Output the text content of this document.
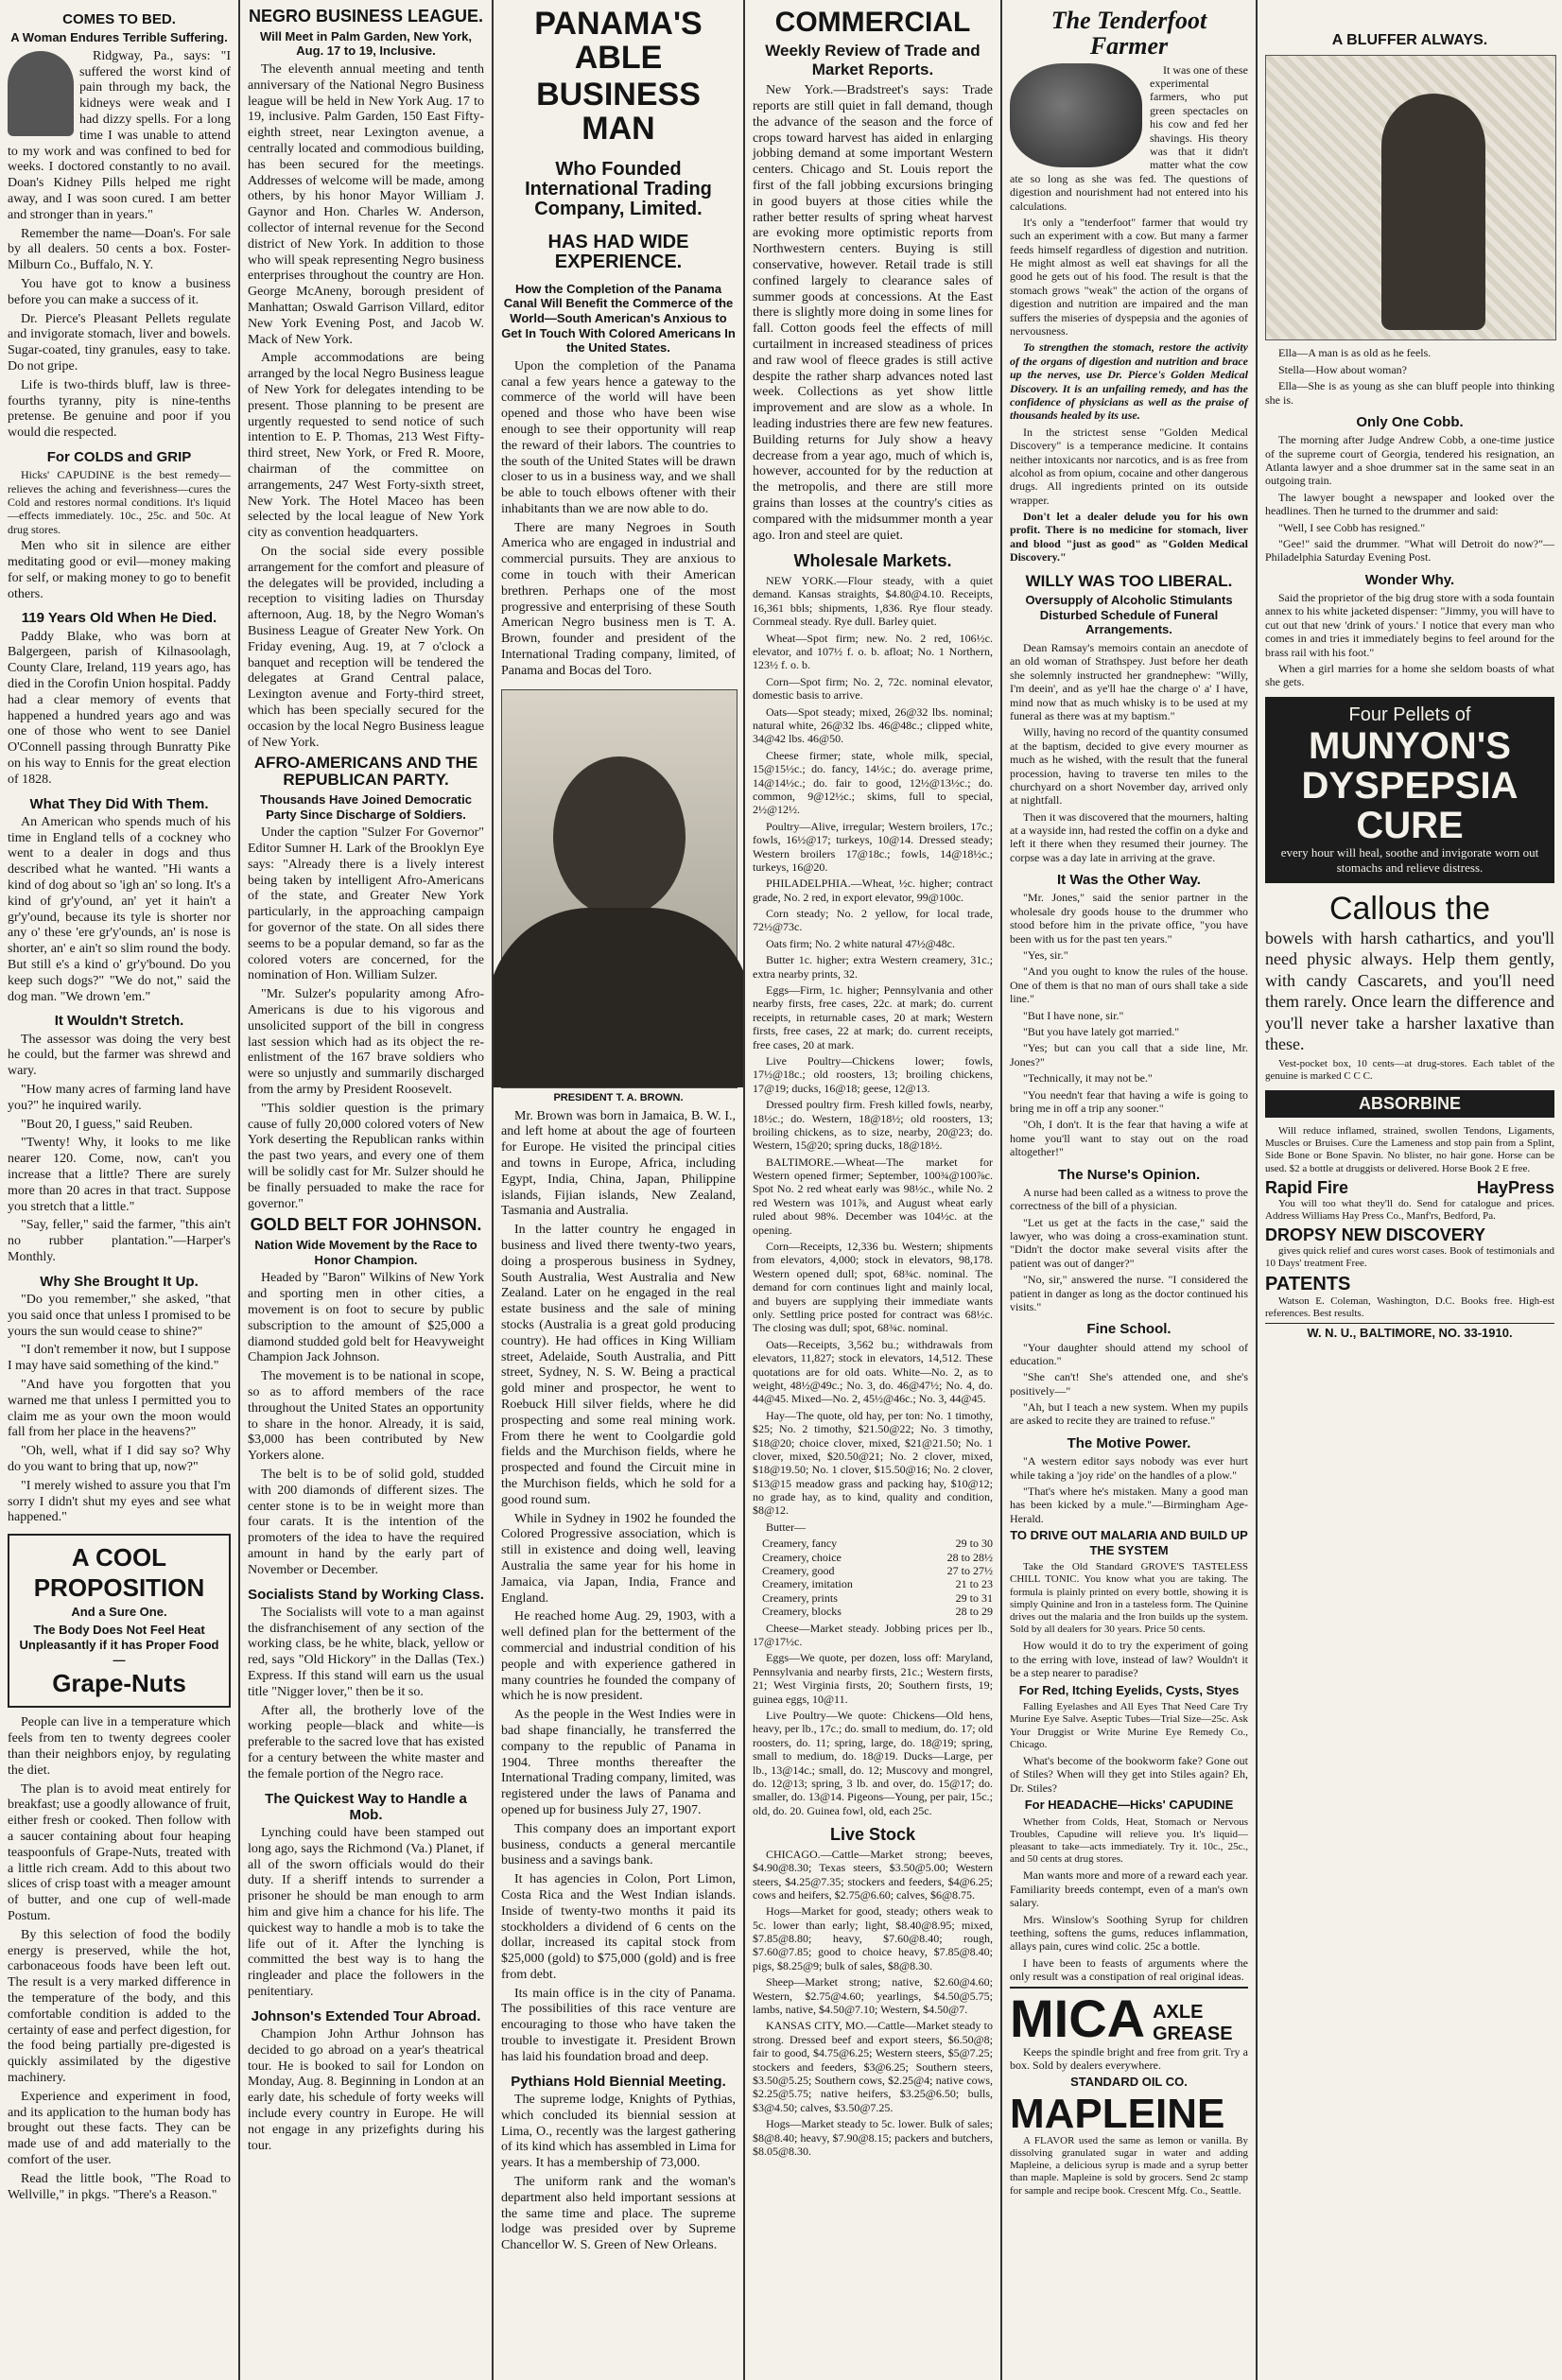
COMES TO BED.
A Woman Endures Terrible Suffering.

Ridgway, Pa., says: "I suffered the worst kind of pain through my back, the kidneys were weak and I had dizzy spells. For a long time I was unable to attend to my work and was confined to bed for weeks. I doctored constantly to no avail. Doan's Kidney Pills helped me right away, and I was soon cured. I am better and stronger than in years."

Remember the name—Doan's. For sale by all dealers. 50 cents a box. Foster-Milburn Co., Buffalo, N. Y.

You have got to know a business before you can make a success of it.

Dr. Pierce's Pleasant Pellets regulate and invigorate stomach, liver and bowels. Sugar-coated, tiny granules, easy to take. Do not gripe.

Life is two-thirds bluff, law is three-fourths tyranny, pity is nine-tenths pretense. Be genuine and poor if you would die respected.

For COLDS and GRIP

Hicks' CAPUDINE is the best remedy—relieves the aching and feverishness—cures the Cold and restores normal conditions. It's liquid—effects immediately. 10c., 25c. and 50c. At drug stores.

Men who sit in silence are either meditating good or evil—money making for self, or making money to go to benefit others.

119 Years Old When He Died.

Paddy Blake, who was born at Balgergeen, parish of Kilnasoolagh, County Clare, Ireland, 119 years ago, has died in the Corofin Union hospital. Paddy had a clear memory of events that happened a hundred years ago and was one of those who went to see Daniel O'Connell passing through Bunratty Pike on his way to Ennis for the great election of 1828.

What They Did With Them.

An American who spends much of his time in England tells of a cockney who went to a dealer in dogs and thus described what he wanted. "Hi wants a kind of dog about so 'igh an' so long. It's a kind of gr'y'ound, an' yet it hain't a gr'y'ound, because its tyle is shorter nor any o' these 'ere gr'y'ounds, an' is nose is shorter, an' e ain't so slim round the body. But still e's a kind o' gr'y'bound. Do you keep such dogs?" "We do not," said the dog man. "We drown 'em."

It Wouldn't Stretch.

The assessor was doing the very best he could, but the farmer was shrewd and wary.

"How many acres of farming land have you?" he inquired warily.

"Bout 20, I guess," said Reuben.

"Twenty! Why, it looks to me like nearer 120. Come, now, can't you increase that a little? There are surely more than 20 acres in that tract. Suppose you stretch that a little."

"Say, feller," said the farmer, "this ain't no rubber plantation."—Harper's Monthly.

Why She Brought It Up.

"Do you remember," she asked, "that you said once that unless I promised to be yours the sun would cease to shine?"

"I don't remember it now, but I suppose I may have said something of the kind."

"And have you forgotten that you warned me that unless I permitted you to claim me as your own the moon would fall from her place in the heavens?"

"Oh, well, what if I did say so? Why do you want to bring that up, now?"

"I merely wished to assure you that I'm sorry I didn't shut my eyes and see what happened."

A COOL
PROPOSITION
And a Sure One.
The Body Does Not Feel Heat Unpleasantly if it has Proper Food—
Grape-Nuts

People can live in a temperature which feels from ten to twenty degrees cooler than their neighbors enjoy, by regulating the diet.

The plan is to avoid meat entirely for breakfast; use a goodly allowance of fruit, either fresh or cooked. Then follow with a saucer containing about four heaping teaspoonfuls of Grape-Nuts, treated with a little rich cream. Add to this about two slices of crisp toast with a meager amount of butter, and one cup of well-made Postum.

By this selection of food the bodily energy is preserved, while the hot, carbonaceous foods have been left out. The result is a very marked difference in the temperature of the body, and this comfortable condition is added to the certainty of ease and perfect digestion, for the food being partially pre-digested is quickly assimilated by the digestive machinery.

Experience and experiment in food, and its application to the human body has brought out these facts. They can be made use of and add materially to the comfort of the user.

Read the little book, "The Road to Wellville," in pkgs. "There's a Reason."

NEGRO BUSINESS LEAGUE.
Will Meet in Palm Garden, New York, Aug. 17 to 19, Inclusive.

The eleventh annual meeting and tenth anniversary of the National Negro Business league will be held in New York Aug. 17 to 19, inclusive. Palm Garden, 150 East Fifty-eighth street, near Lexington avenue, a centrally located and commodious building, has been secured for the meetings. Addresses of welcome will be made, among others, by his honor Mayor William J. Gaynor and Hon. Charles W. Anderson, collector of internal revenue for the Second district of New York. In addition to those who will speak representing Negro business enterprises throughout the country are Hon. George McAneny, borough president of Manhattan; Oswald Garrison Villard, editor New York Evening Post, and Jacob W. Mack of New York.

Ample accommodations are being arranged by the local Negro Business league of New York for delegates intending to be present. Those planning to be present are urgently requested to send notice of such intention to E. P. Thomas, 213 West Fifty-third street, New York, or Fred R. Moore, chairman of the committee on arrangements, 247 West Forty-sixth street, New York. The Hotel Maceo has been selected by the local league of New York city as convention headquarters.

On the social side every possible arrangement for the comfort and pleasure of the delegates will be provided, including a reception to visiting ladies on Thursday afternoon, Aug. 18, by the Negro Woman's Business League of Greater New York. On Friday evening, Aug. 19, at 7 o'clock a banquet and reception will be tendered the delegates at Grand Central palace, Lexington avenue and Forty-third street, which has been specially secured for the occasion by the local Negro Business league of New York.

AFRO-AMERICANS AND THE REPUBLICAN PARTY.
Thousands Have Joined Democratic Party Since Discharge of Soldiers.

Under the caption "Sulzer For Governor" Editor Sumner H. Lark of the Brooklyn Eye says: "Already there is a lively interest being taken by intelligent Afro-Americans of the state, and Greater New York particularly, in the approaching campaign for governor of the state. On all sides there seems to be a popular demand, so far as the colored voters are concerned, for the nomination of Hon. William Sulzer.

"Mr. Sulzer's popularity among Afro-Americans is due to his vigorous and unsolicited support of the bill in congress last session which had as its object the re-enlistment of the 167 brave soldiers who were so unjustly and summarily discharged from the army by President Roosevelt.

"This soldier question is the primary cause of fully 20,000 colored voters of New York deserting the Republican ranks within the past two years, and every one of them will be solidly cast for Mr. Sulzer should he be finally persuaded to make the race for governor."

GOLD BELT FOR JOHNSON.
Nation Wide Movement by the Race to Honor Champion.

Headed by "Baron" Wilkins of New York and sporting men in other cities, a movement is on foot to secure by public subscription to the amount of $25,000 a diamond studded gold belt for Heavyweight Champion Jack Johnson.

The movement is to be national in scope, so as to afford members of the race throughout the United States an opportunity to share in the honor. Already, it is said, $3,000 has been contributed by New Yorkers alone.

The belt is to be of solid gold, studded with 200 diamonds of different sizes. The center stone is to be in weight more than four carats. It is the intention of the promoters of the idea to have the required amount in hand by the early part of November or December.

Socialists Stand by Working Class.

The Socialists will vote to a man against the disfranchisement of any section of the working class, be he white, black, yellow or red, says "Old Hickory" in the Dallas (Tex.) Express. If this stand will earn us the usual title "Nigger lover," then be it so.

After all, the brotherly love of the working people—black and white—is preferable to the sacred love that has existed for a century between the white master and the female portion of the Negro race.

The Quickest Way to Handle a Mob.

Lynching could have been stamped out long ago, says the Richmond (Va.) Planet, if all of the sworn officials would do their duty. If a sheriff intends to surrender a prisoner he should be man enough to arm him and give him a chance for his life. The quickest way to handle a mob is to take the life out of it. After the lynching is committed the best way is to hang the ringleader and place the followers in the penitentiary.

Johnson's Extended Tour Abroad.

Champion John Arthur Johnson has decided to go abroad on a year's theatrical tour. He is booked to sail for London on Monday, Aug. 8. Beginning in London at an early date, his schedule of forty weeks will include every country in Europe. He will not engage in any prizefights during his tour.

PANAMA'S ABLE
BUSINESS MAN
Who Founded International Trading Company, Limited.
HAS HAD WIDE EXPERIENCE.
How the Completion of the Panama Canal Will Benefit the Commerce of the World—South American's Anxious to Get In Touch With Colored Americans In the United States.

Upon the completion of the Panama canal a few years hence a gateway to the commerce of the world will have been opened and those who have been wise enough to see their opportunity will reap the reward of their labors. The countries to the south of the United States will be drawn closer to us in a business way, and we shall be able to touch elbows oftener with their inhabitants than we are now able to do.

There are many Negroes in South America who are engaged in industrial and commercial pursuits. They are anxious to come in touch with their American brethren. Perhaps one of the most progressive and enterprising of these South American Negro business men is T. A. Brown, founder and president of the International Trading company, limited, of Panama and Bocas del Toro.

PRESIDENT T. A. BROWN.

Mr. Brown was born in Jamaica, B. W. I., and left home at about the age of fourteen for Europe. He visited the principal cities and towns in Europe, Africa, including Egypt, India, China, Japan, Philippine islands, Fijian islands, New Zealand, Tasmania and Australia.

In the latter country he engaged in business and lived there twenty-two years, doing a prosperous business in Sydney, South Australia, West Australia and New Zealand. Later on he engaged in the real estate business and the sale of mining stocks (Australia is a great gold producing country). He had offices in King William street, Adelaide, South Australia, and Pitt street, Sydney, N. S. W. Being a practical gold miner and prospector, he went to Roebuck Hill silver fields, where he did prospecting and some real mining work. From there he went to Coolgardie gold fields and the Murchison fields, where he prospected and found the Circuit mine in the Murchison fields, which he sold for a good round sum.

While in Sydney in 1902 he founded the Colored Progressive association, which is still in existence and doing well, leaving Australia the same year for his home in Jamaica, via Japan, India, France and England.

He reached home Aug. 29, 1903, with a well defined plan for the betterment of the commercial and industrial condition of his people and with experience gathered in many countries he founded the company of which he is now president.

As the people in the West Indies were in bad shape financially, he transferred the company to the republic of Panama in 1904. Three months thereafter the International Trading company, limited, was registered under the laws of Panama and opened up for business July 27, 1907.

This company does an important export business, conducts a general mercantile business and a savings bank.

It has agencies in Colon, Port Limon, Costa Rica and the West Indian islands. Inside of twenty-two months it paid its stockholders a dividend of 6 cents on the dollar, increased its capital stock from $25,000 (gold) to $75,000 (gold) and is free from debt.

Its main office is in the city of Panama. The possibilities of this race venture are encouraging to those who have taken the trouble to investigate it. President Brown has laid his foundation broad and deep.

Pythians Hold Biennial Meeting.

The supreme lodge, Knights of Pythias, which concluded its biennial session at Lima, O., recently was the largest gathering of its kind which has assembled in Lima for years. It has a membership of 73,000.

The uniform rank and the woman's department also held important sessions at the same time and place. The supreme lodge was presided over by Supreme Chancellor W. S. Green of New Orleans.

COMMERCIAL
Weekly Review of Trade and Market Reports.

New York.—Bradstreet's says: Trade reports are still quiet in fall demand, though the advance of the season and the force of crops toward harvest has aided in enlarging jobbing demand at some important Western centers. Chicago and St. Louis report the first of the fall jobbing excursions bringing in good buyers at those cities while the rather better results of spring wheat harvest are evoking more optimistic reports from Northwestern centers. Buying is still conservative, however. Retail trade is still confined largely to clearance sales of summer goods at concessions. At the East there is slightly more doing in some lines for fall. Cotton goods feel the effects of mill curtailment in increased steadiness of prices and raw wool of fleece grades is still active despite the rather sharp advances noted last week. Collections as yet show little improvement and are slow as a whole. In leading industries there are few new features. Building returns for July show a heavy decrease from a year ago, much of which is, however, accounted for by the reduction at the metropolis, and there are still more grains than losses at the country's cities as compared with the midsummer month a year ago. Iron and steel are quiet.

Wholesale Markets.

NEW YORK.—Flour steady, with a quiet demand. Kansas straights, $4.80@4.10. Receipts, 16,361 bbls; shipments, 1,836. Rye flour steady. Cornmeal steady. Rye dull. Barley quiet.

Wheat—Spot firm; new. No. 2 red, 106½c. elevator, and 107½ f. o. b. afloat; No. 1 Northern, 123½ f. o. b.

Corn—Spot firm; No. 2, 72c. nominal elevator, domestic basis to arrive.

Oats—Spot steady; mixed, 26@32 lbs. nominal; natural white, 26@32 lbs. 46@48c.; clipped white, 34@42 lbs. 46@50.

Cheese firmer; state, whole milk, special, 15@15½c.; do. fancy, 14½c.; do. average prime, 14@14½c.; do. fair to good, 12½@13½c.; do. common, 9@12½c.; skims, full to special, 2½@12½.

Poultry—Alive, irregular; Western broilers, 17c.; fowls, 16½@17; turkeys, 10@14. Dressed steady; Western broilers 17@18c.; fowls, 14@18½c.; turkeys, 16@20.

PHILADELPHIA.—Wheat, ½c. higher; contract grade, No. 2 red, in export elevator, 99@100c.

Corn steady; No. 2 yellow, for local trade, 72½@73c.

Oats firm; No. 2 white natural 47½@48c.

Butter 1c. higher; extra Western creamery, 31c.; extra nearby prints, 32.

Eggs—Firm, 1c. higher; Pennsylvania and other nearby firsts, free cases, 22c. at mark; do. current receipts, in returnable cases, 20 at mark; Western firsts, free cases, 22 at mark; do. current receipts, free cases, 20 at mark.

Live Poultry—Chickens lower; fowls, 17½@18c.; old roosters, 13; broiling chickens, 17@19; ducks, 16@18; geese, 12@13.

Dressed poultry firm. Fresh killed fowls, nearby, 18½c.; do. Western, 18@18½; old roosters, 13; broiling chickens, as to size, nearby, 20@23; do. Western, 15@20; spring ducks, 18@18½.

BALTIMORE.—Wheat—The market for Western opened firmer; September, 100¾@100⅞c. Spot No. 2 red wheat early was 98½c., while No. 2 red Western was 101⅞, and August wheat early ruled about 98%. December was 104½c. at the opening.

Corn—Receipts, 12,336 bu. Western; shipments from elevators, 4,000; stock in elevators, 98,178. Western opened dull; spot, 68¾c. nominal. The demand for corn continues light and mainly local, and buyers are supplying their immediate wants only. Settling price posted for contract was 68½c. The closing was dull; spot, 68¾c. nominal.

Oats—Receipts, 3,562 bu.; withdrawals from elevators, 11,827; stock in elevators, 14,512. These quotations are for old oats. White—No. 2, as to weight, 48½@49c.; No. 3, do. 46@47½; No. 4, do. 44@45. Mixed—No. 2, 45½@46c.; No. 3, 44@45.

Hay—The quote, old hay, per ton: No. 1 timothy, $25; No. 2 timothy, $21.50@22; No. 3 timothy, $18@20; choice clover, mixed, $21@21.50; No. 1 clover, mixed, $20.50@21; No. 2 clover, mixed, $18@19.50; No. 1 clover, $15.50@16; No. 2 clover, $13@15 meadow grass and packing hay, $10@12; no grade hay, as to kind, quality and condition, $8@12.

Butter—

Creamery, fancy	29 to 30
Creamery, choice	28 to 28½
Creamery, good	27 to 27½
Creamery, imitation	21 to 23
Creamery, prints	29 to 31
Creamery, blocks	28 to 29

Cheese—Market steady. Jobbing prices per lb., 17@17½c.

Eggs—We quote, per dozen, loss off: Maryland, Pennsylvania and nearby firsts, 21c.; Western firsts, 21; West Virginia firsts, 20; Southern firsts, 19; guinea eggs, 10@11.

Live Poultry—We quote: Chickens—Old hens, heavy, per lb., 17c.; do. small to medium, do. 17; old roosters, do. 11; spring, large, do. 18@19; spring, small to medium, do. 18@19. Ducks—Large, per lb., 13@14c.; small, do. 12; Muscovy and mongrel, do. 12@13; spring, 3 lb. and over, do. 15@17; do. smaller, do. 13@14. Pigeons—Young, per pair, 15c.; old, do. 20. Guinea fowl, old, each 25c.

Live Stock

CHICAGO.—Cattle—Market strong; beeves, $4.90@8.30; Texas steers, $3.50@5.00; Western steers, $4.25@7.35; stockers and feeders, $4@6.25; cows and heifers, $2.75@6.60; calves, $6@8.75.

Hogs—Market for good, steady; others weak to 5c. lower than early; light, $8.40@8.95; mixed, $7.85@8.80; heavy, $7.60@8.40; rough, $7.60@7.85; good to choice heavy, $7.85@8.40; pigs, $8.25@9; bulk of sales, $8@8.30.

Sheep—Market strong; native, $2.60@4.60; Western, $2.75@4.60; yearlings, $4.50@5.75; lambs, native, $4.50@7.10; Western, $4.50@7.

KANSAS CITY, MO.—Cattle—Market steady to strong. Dressed beef and export steers, $6.50@8; fair to good, $4.75@6.25; Western steers, $5@7.25; stockers and feeders, $3@6.25; Southern steers, $3.50@5.25; Southern cows, $2.25@4; native cows, $2.25@5.75; native heifers, $3.25@6.50; bulls, $3@4.50; calves, $3.50@7.25.

Hogs—Market steady to 5c. lower. Bulk of sales; $8@8.40; heavy, $7.90@8.15; packers and butchers, $8.05@8.30.

The Tenderfoot Farmer

It was one of these experimental farmers, who put green spectacles on his cow and fed her shavings. His theory was that it didn't matter what the cow ate so long as she was fed. The questions of digestion and nourishment had not entered into his calculations.

It's only a "tenderfoot" farmer that would try such an experiment with a cow. But many a farmer feeds himself regardless of digestion and nutrition. He might almost as well eat shavings for all the good he gets out of his food. The result is that the stomach grows "weak" the action of the organs of digestion and nutrition are impaired and the man suffers the miseries of dyspepsia and the agonies of nervousness.

To strengthen the stomach, restore the activity of the organs of digestion and nutrition and brace up the nerves, use Dr. Pierce's Golden Medical Discovery. It is an unfailing remedy, and has the confidence of physicians as well as the praise of thousands healed by its use.

In the strictest sense "Golden Medical Discovery" is a temperance medicine. It contains neither intoxicants nor narcotics, and is as free from alcohol as from opium, cocaine and other dangerous drugs. All ingredients printed on its outside wrapper.

Don't let a dealer delude you for his own profit. There is no medicine for stomach, liver and blood "just as good" as "Golden Medical Discovery."

WILLY WAS TOO LIBERAL.
Oversupply of Alcoholic Stimulants Disturbed Schedule of Funeral Arrangements.

Dean Ramsay's memoirs contain an anecdote of an old woman of Strathspey. Just before her death she solemnly instructed her grandnephew: "Willy, I'm deein', and as ye'll hae the charge o' a' I have, mind now that as much whisky is to be used at my funeral as there was at my baptism."

Willy, having no record of the quantity consumed at the baptism, decided to give every mourner as much as he wished, with the result that the funeral procession, having to traverse ten miles to the churchyard on a short November day, arrived only at nightfall.

Then it was discovered that the mourners, halting at a wayside inn, had rested the coffin on a dyke and left it there when they resumed their journey. The corpse was a day late in arriving at the grave.

It Was the Other Way.

"Mr. Jones," said the senior partner in the wholesale dry goods house to the drummer who stood before him in the private office, "you have been with us for the past ten years."

"Yes, sir."

"And you ought to know the rules of the house. One of them is that no man of ours shall take a side line."

"But I have none, sir."

"But you have lately got married."

"Yes; but can you call that a side line, Mr. Jones?"

"Technically, it may not be."

"You needn't fear that having a wife is going to bring me in off a trip any sooner."

"Oh, I don't. It is the fear that having a wife at home you'll want to stay out on the road altogether!"

The Nurse's Opinion.

A nurse had been called as a witness to prove the correctness of the bill of a physician.

"Let us get at the facts in the case," said the lawyer, who was doing a cross-examination stunt. "Didn't the doctor make several visits after the patient was out of danger?"

"No, sir," answered the nurse. "I considered the patient in danger as long as the doctor continued his visits."

Fine School.

"Your daughter should attend my school of education."

"She can't! She's attended one, and she's positively—"

"Ah, but I teach a new system. When my pupils are asked to recite they are trained to refuse."

The Motive Power.

"A western editor says nobody was ever hurt while taking a 'joy ride' on the handles of a plow."

"That's where he's mistaken. Many a good man has been kicked by a mule."—Birmingham Age-Herald.

TO DRIVE OUT MALARIA AND BUILD UP THE SYSTEM

Take the Old Standard GROVE'S TASTELESS CHILL TONIC. You know what you are taking. The formula is plainly printed on every bottle, showing it is simply Quinine and Iron in a tasteless form. The Quinine drives out the malaria and the Iron builds up the system. Sold by all dealers for 30 years. Price 50 cents.

How would it do to try the experiment of going to the erring with love, instead of law? Wouldn't it be a step nearer to paradise?

For Red, Itching Eyelids, Cysts, Styes

Falling Eyelashes and All Eyes That Need Care Try Murine Eye Salve. Aseptic Tubes—Trial Size—25c. Ask Your Druggist or Write Murine Eye Remedy Co., Chicago.

What's become of the bookworm fake? Gone out of Stiles? When will they get into Stiles again? Eh, Dr. Stiles?

For HEADACHE—Hicks' CAPUDINE

Whether from Colds, Heat, Stomach or Nervous Troubles, Capudine will relieve you. It's liquid—pleasant to take—acts immediately. Try it. 10c., 25c., and 50 cents at drug stores.

Man wants more and more of a reward each year. Familiarity breeds contempt, even of a man's own salary.

Mrs. Winslow's Soothing Syrup for children teething, softens the gums, reduces inflammation, allays pain, cures wind colic. 25c a bottle.

I have been to feasts of arguments where the only result was a constipation of real original ideas.

MICA AXLE GREASE

Keeps the spindle bright and free from grit. Try a box. Sold by dealers everywhere.

STANDARD OIL CO.
MAPLEINE

A FLAVOR used the same as lemon or vanilla. By dissolving granulated sugar in water and adding Mapleine, a delicious syrup is made and a syrup better than maple. Mapleine is sold by grocers. Send 2c stamp for sample and recipe book. Crescent Mfg. Co., Seattle.

A BLUFFER ALWAYS.

Ella—A man is as old as he feels.

Stella—How about woman?

Ella—She is as young as she can bluff people into thinking she is.

Only One Cobb.

The morning after Judge Andrew Cobb, a one-time justice of the supreme court of Georgia, tendered his resignation, an Atlanta lawyer and a shoe drummer sat in the same seat in an outgoing train.

The lawyer bought a newspaper and looked over the headlines. Then he turned to the drummer and said:

"Well, I see Cobb has resigned."

"Gee!" said the drummer. "What will Detroit do now?"—Philadelphia Saturday Evening Post.

Wonder Why.

Said the proprietor of the big drug store with a soda fountain annex to his white jacketed dispenser: "Jimmy, you will have to cut out that new 'drink of yours.' I notice that every man who comes in and tries it immediately begins to feel around for the brass rail with his foot."

When a girl marries for a home she seldom boasts of what she gets.

Four Pellets of
MUNYON'S
DYSPEPSIA
CURE
every hour will heal, soothe and invigorate worn out stomachs and relieve distress.
Callous the

bowels with harsh cathartics, and you'll need physic always. Help them gently, with candy Cascarets, and you'll need them rarely. Once learn the difference and you'll never take a harsher laxative than these.

Vest-pocket box, 10 cents—at drug-stores. Each tablet of the genuine is marked C C C.

ABSORBINE

Will reduce inflamed, strained, swollen Tendons, Ligaments, Muscles or Bruises. Cure the Lameness and stop pain from a Splint, Side Bone or Bone Spavin. No blister, no hair gone. Horse can be used. $2 a bottle at druggists or delivered. Horse Book 2 E free.

Rapid Fire	HayPress

You will too what they'll do. Send for catalogue and prices. Address Williams Hay Press Co., Manf'rs, Bedford, Pa.

DROPSY NEW DISCOVERY

gives quick relief and cures worst cases. Book of testimonials and 10 Days' treatment Free.

PATENTS

Watson E. Coleman, Washington, D.C. Books free. High-est references. Best results.

W. N. U., BALTIMORE, NO. 33-1910.
